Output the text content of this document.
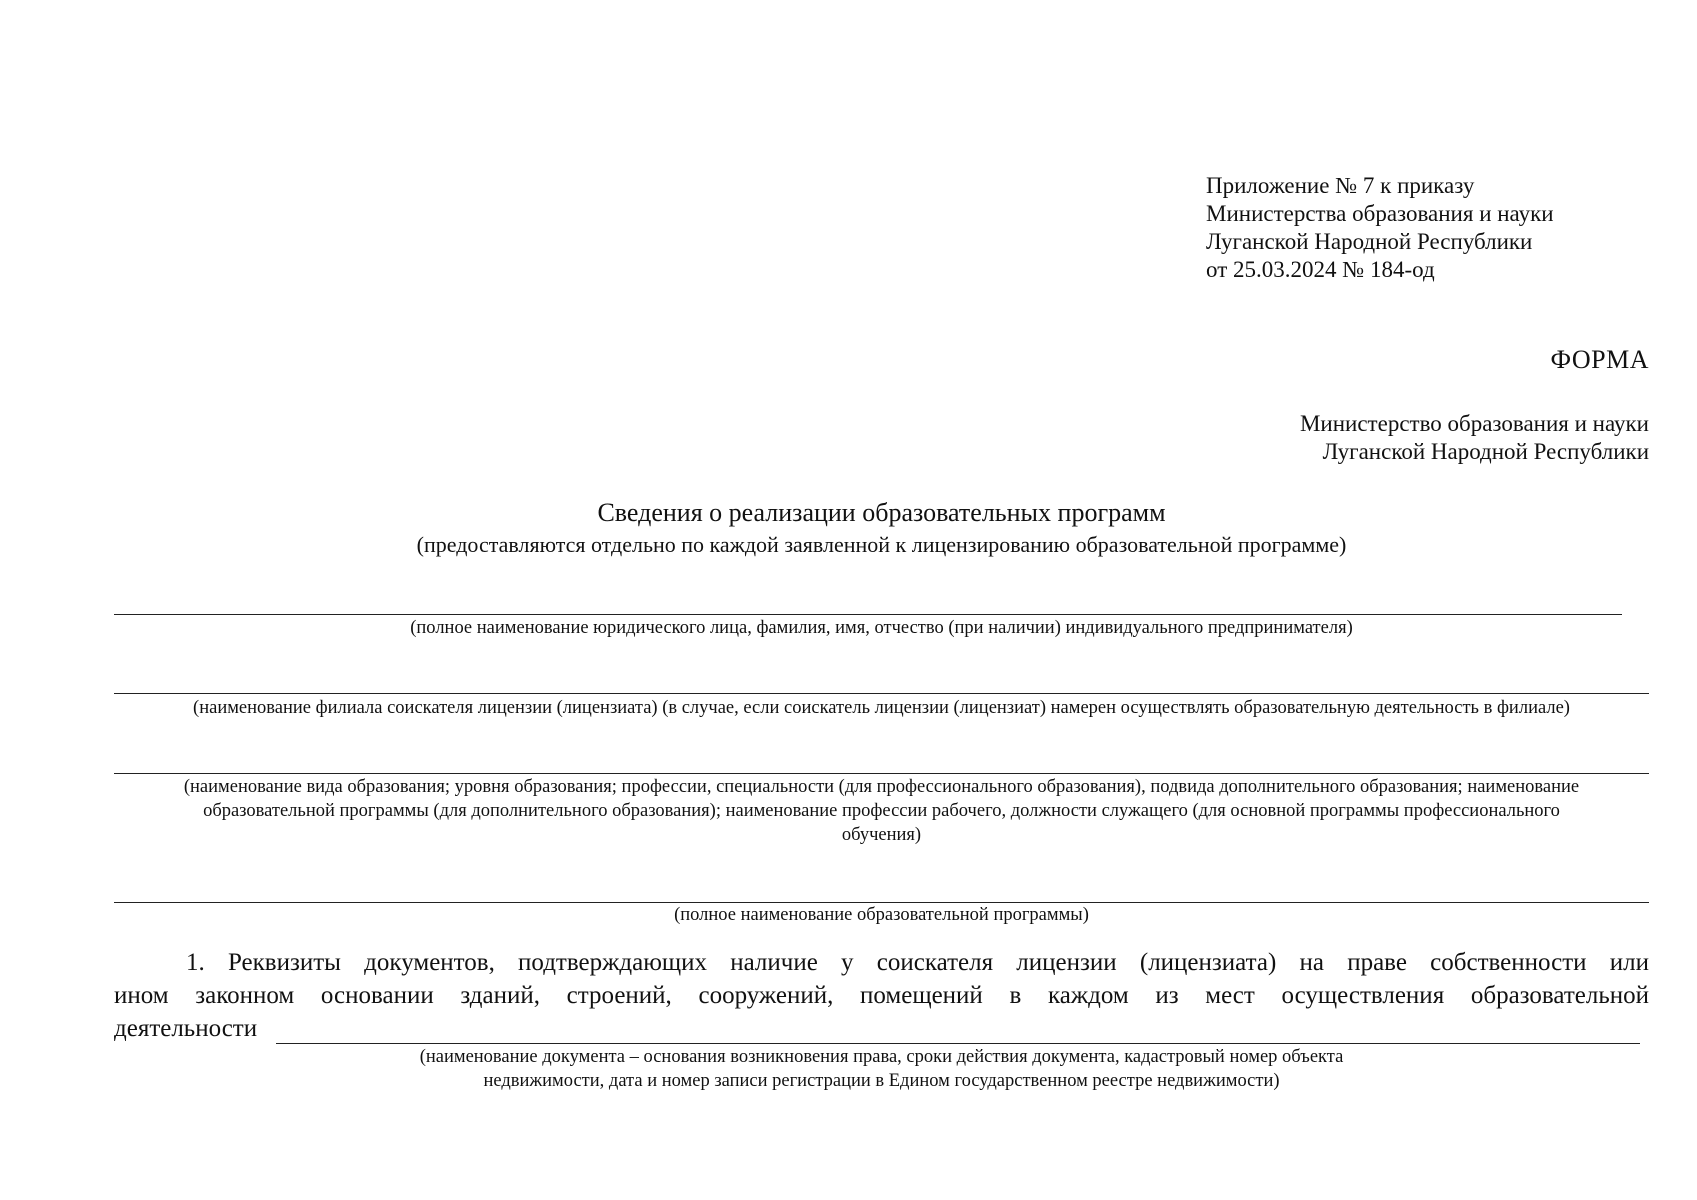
Приложение № 7 к приказу
Министерства образования и науки
Луганской Народной Республики
от 25.03.2024 № 184-од
ФОРМА
Министерство образования и науки
Луганской Народной Республики
Сведения о реализации образовательных программ
(предоставляются отдельно по каждой заявленной к лицензированию образовательной программе)
(полное наименование юридического лица, фамилия, имя, отчество (при наличии) индивидуального предпринимателя)
(наименование филиала соискателя лицензии (лицензиата) (в случае, если соискатель лицензии (лицензиат) намерен осуществлять образовательную деятельность в филиале)
(наименование вида образования; уровня образования; профессии, специальности (для профессионального образования), подвида дополнительного образования; наименование
образовательной программы (для дополнительного образования); наименование профессии рабочего, должности служащего (для основной программы профессионального
обучения)
(полное наименование образовательной программы)
1. Реквизиты документов, подтверждающих наличие у соискателя лицензии (лицензиата) на праве собственности или
ином законном основании зданий, строений, сооружений, помещений в каждом из мест осуществления образовательной
деятельности
(наименование документа – основания возникновения права, сроки действия документа, кадастровый номер объекта
недвижимости, дата и номер записи регистрации в Едином государственном реестре недвижимости)
